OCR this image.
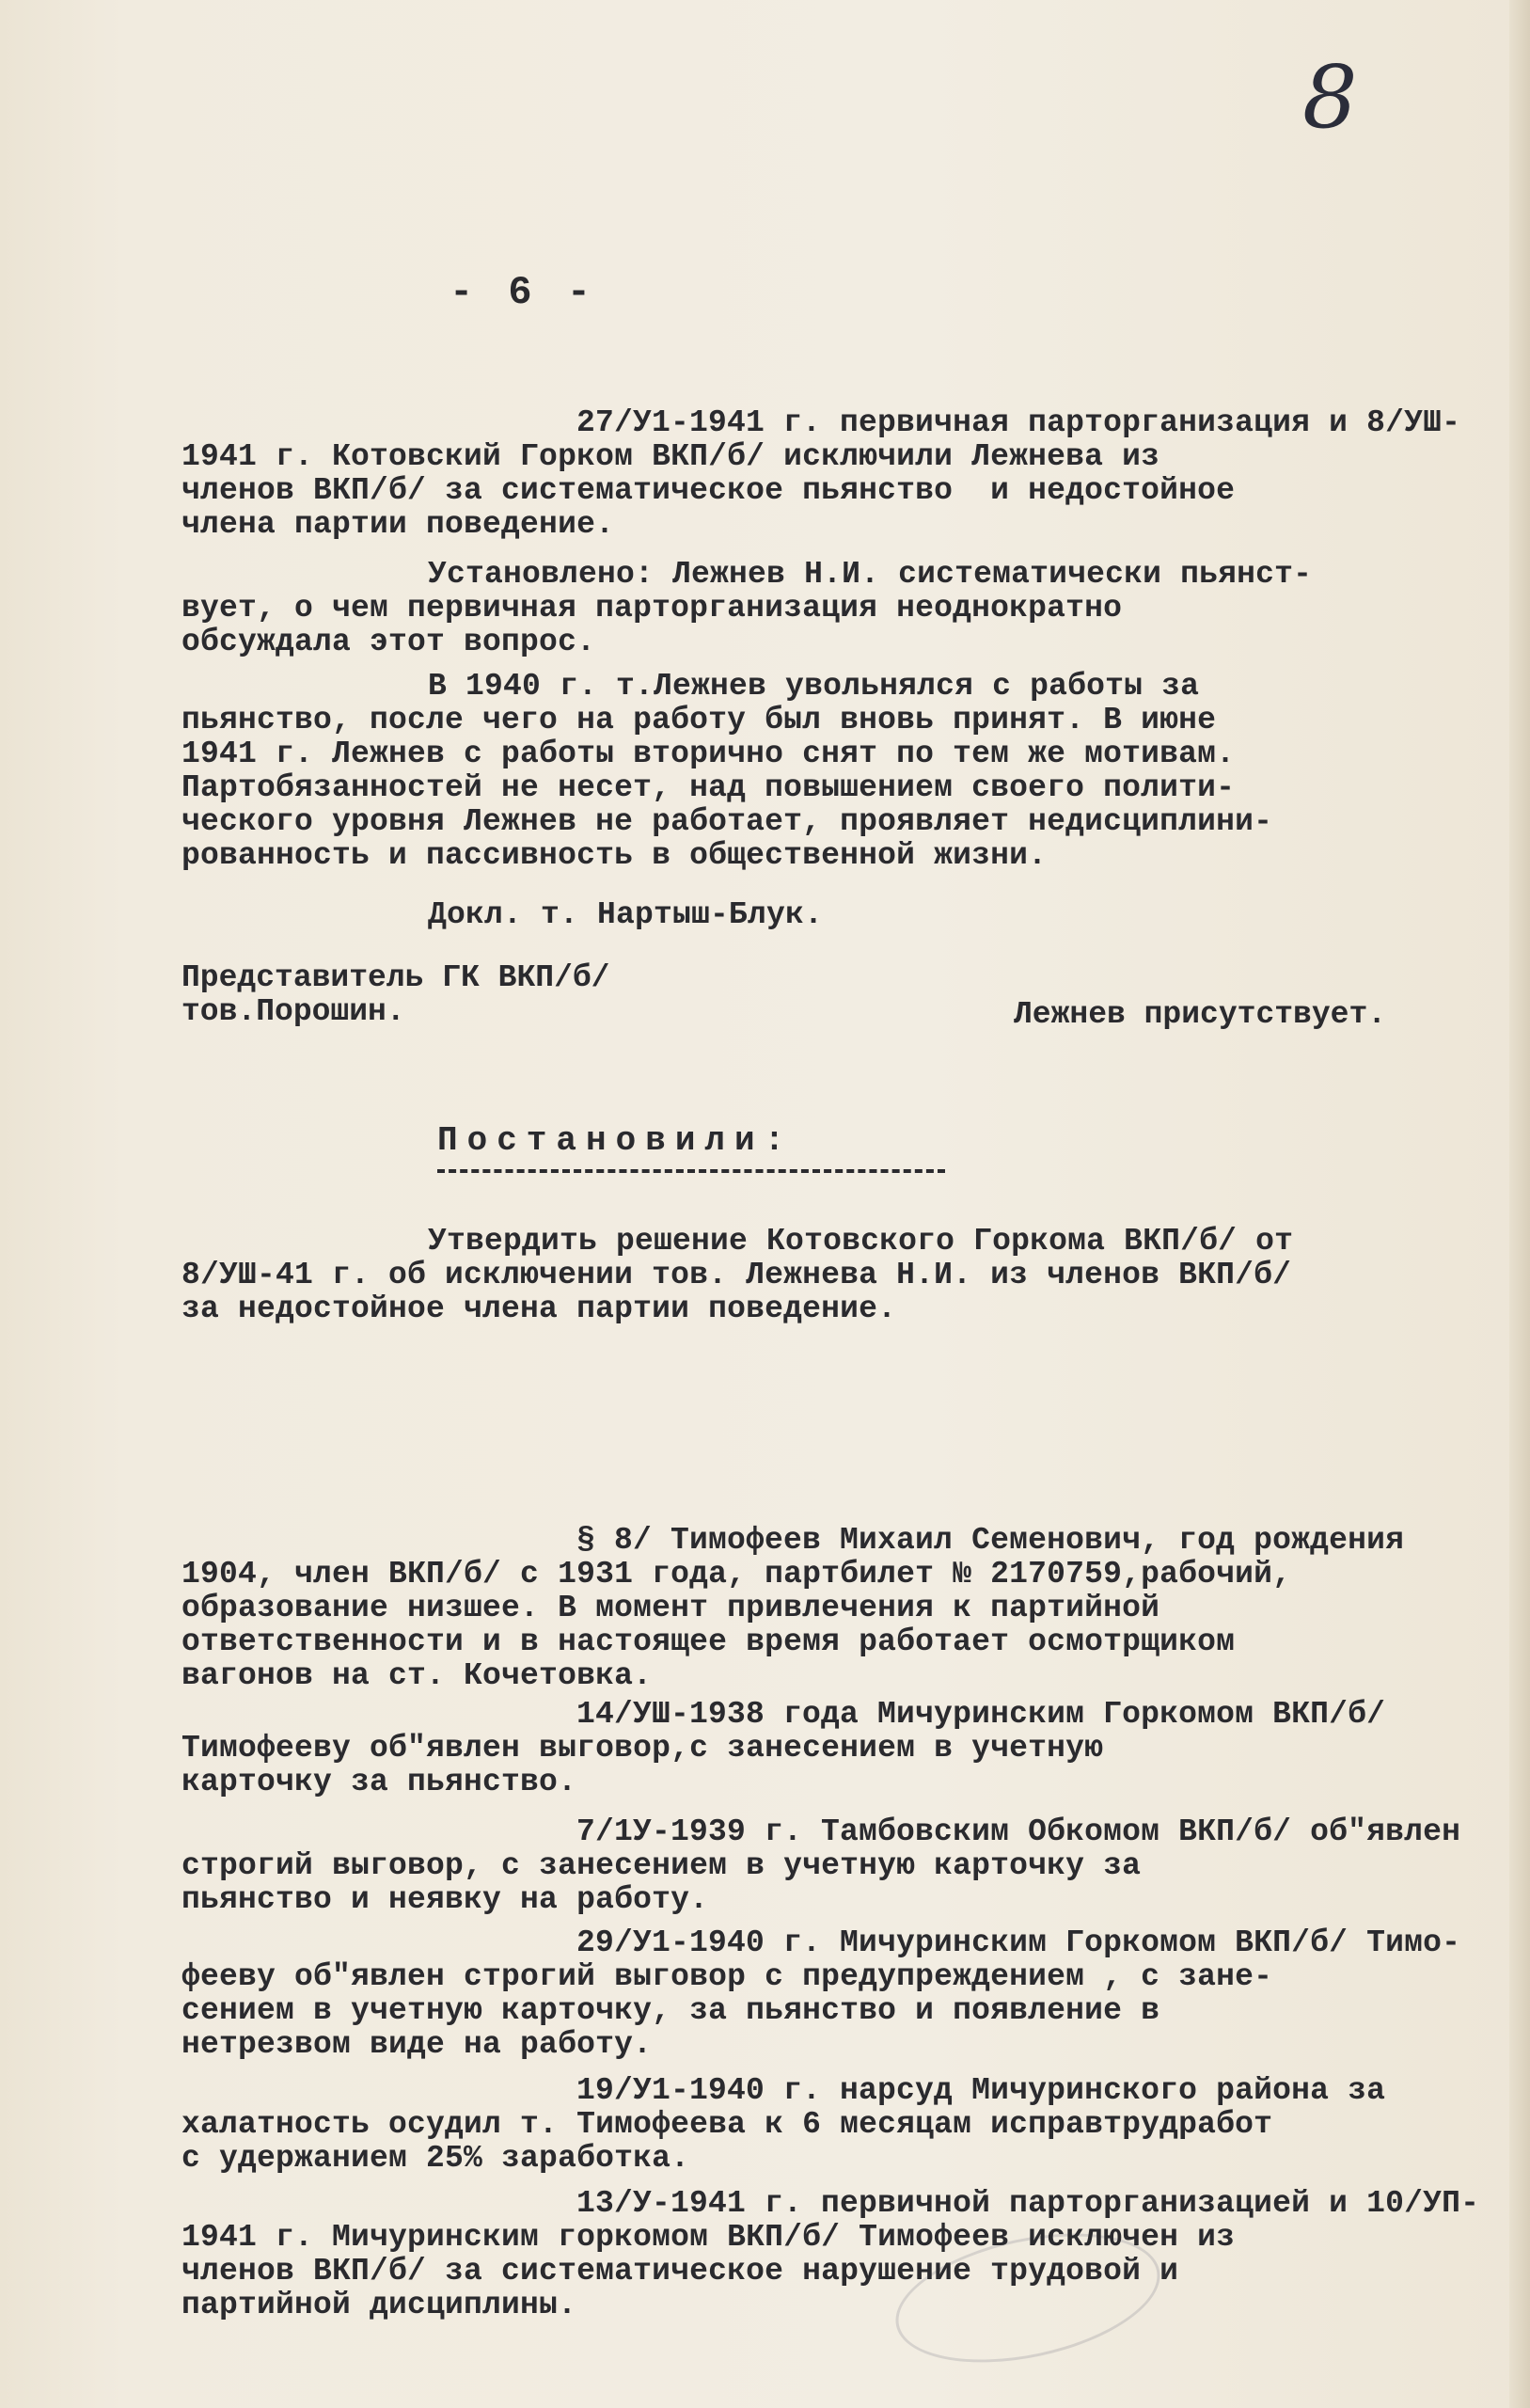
8
- 6 -
27/У1-1941 г. первичная парторганизация и 8/УШ-
1941 г. Котовский Горком ВКП/б/ исключили Лежнева из
членов ВКП/б/ за систематическое пьянство  и недостойное
члена партии поведение.
Установлено: Лежнев Н.И. систематически пьянст-
вует, о чем первичная парторганизация неоднократно
обсуждала этот вопрос.
В 1940 г. т.Лежнев увольнялся с работы за
пьянство, после чего на работу был вновь принят. В июне
1941 г. Лежнев с работы вторично снят по тем же мотивам.
Партобязанностей не несет, над повышением своего полити-
ческого уровня Лежнев не работает, проявляет недисциплини-
рованность и пассивность в общественной жизни.
Докл. т. Нартыш-Блук.
Представитель ГК ВКП/б/
тов.Порошин.	Лежнев присутствует.
Постановили:
Утвердить решение Котовского Горкома ВКП/б/ от
8/УШ-41 г. об исключении тов. Лежнева Н.И. из членов ВКП/б/
за недостойное члена партии поведение.
§ 8/ Тимофеев Михаил Семенович, год рождения
1904, член ВКП/б/ с 1931 года, партбилет № 2170759,рабочий,
образование низшее. В момент привлечения к партийной
ответственности и в настоящее время работает осмотрщиком
вагонов на ст. Кочетовка.
14/УШ-1938 года Мичуринским Горкомом ВКП/б/
Тимофееву об"явлен выговор,с занесением в учетную
карточку за пьянство.
7/1У-1939 г. Тамбовским Обкомом ВКП/б/ об"явлен
строгий выговор, с занесением в учетную карточку за
пьянство и неявку на работу.
29/У1-1940 г. Мичуринским Горкомом ВКП/б/ Тимо-
фееву об"явлен строгий выговор с предупреждением , с зане-
сением в учетную карточку, за пьянство и появление в
нетрезвом виде на работу.
19/У1-1940 г. нарсуд Мичуринского района за
халатность осудил т. Тимофеева к 6 месяцам исправтрудработ
с удержанием 25% заработка.
13/У-1941 г. первичной парторганизацией и 10/УП-
1941 г. Мичуринским горкомом ВКП/б/ Тимофеев исключен из
членов ВКП/б/ за систематическое нарушение трудовой и
партийной дисциплины.
